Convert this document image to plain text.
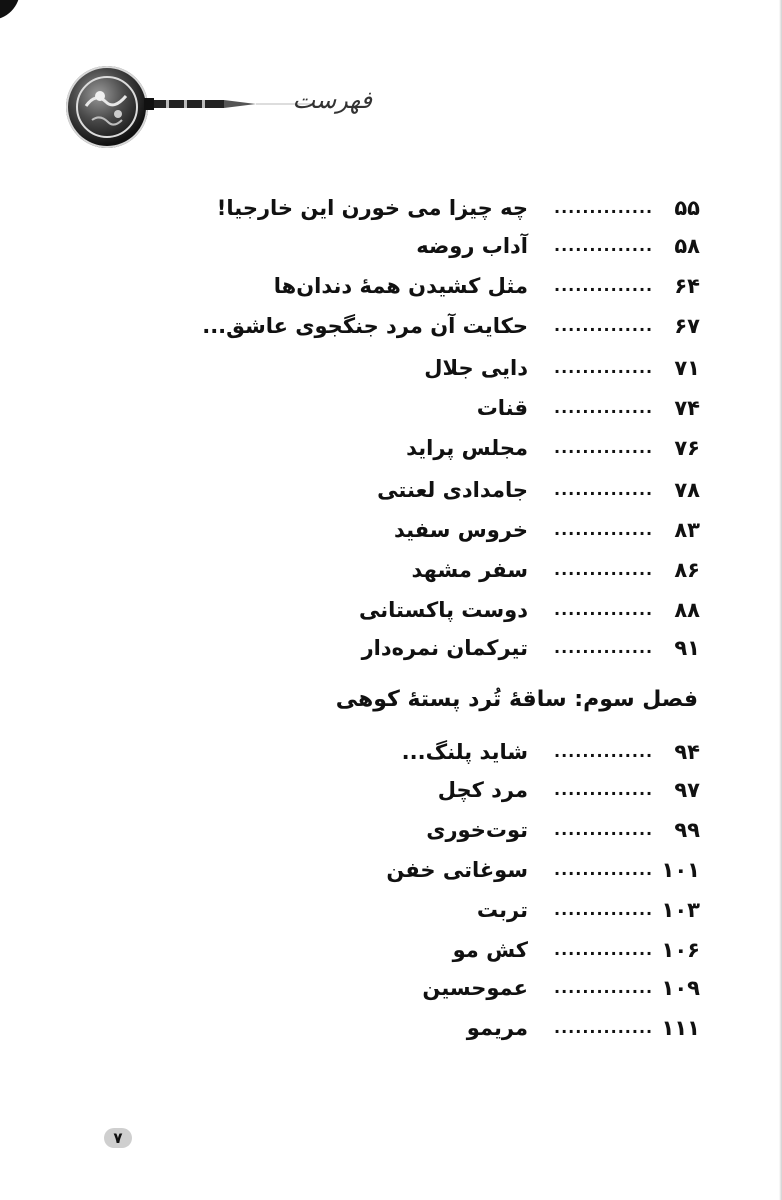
فهرست
چه چیزا می خورن این خارجیا! ..............	۵۵
آداب روضه ..............	۵۸
مثل کشیدن همهٔ دندان‌ها ..............	۶۴
حکایت آن مرد جنگجوی عاشق... ..............	۶۷
دایی جلال ..............	۷۱
قنات ..............	۷۴
مجلس پراید ..............	۷۶
جامدادی لعنتی ..............	۷۸
خروس سفید ..............	۸۳
سفر مشهد ..............	۸۶
دوست پاکستانی ..............	۸۸
تیرکمان نمره‌دار ..............	۹۱
فصل سوم: ساقهٔ تُرد پستهٔ کوهی
شاید پلنگ... ..............	۹۴
مرد کچل ..............	۹۷
توت‌خوری ..............	۹۹
سوغاتی خفن .............. ۱۰۱
تربت .............. ۱۰۳
کش مو .............. ۱۰۶
عموحسین .............. ۱۰۹
مریمو .............. ۱۱۱
۷
